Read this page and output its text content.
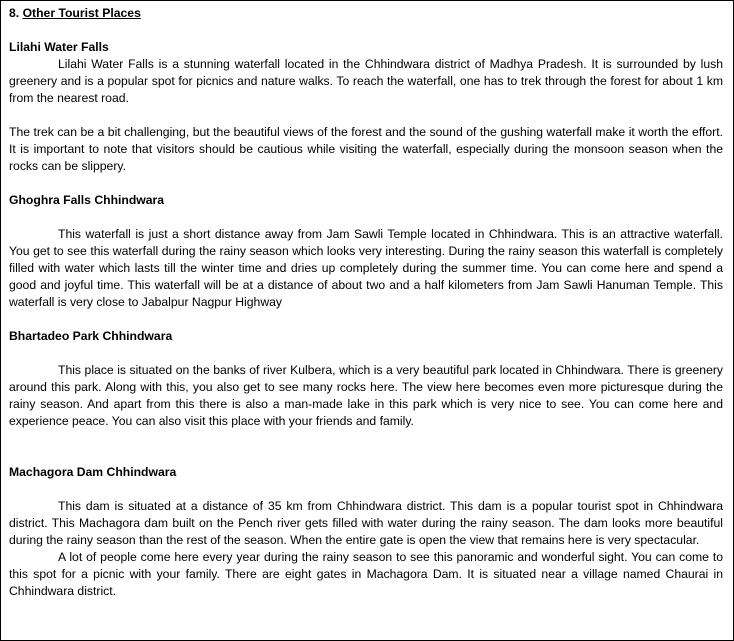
8. Other Tourist Places
Lilahi Water Falls

Lilahi Water Falls is a stunning waterfall located in the Chhindwara district of Madhya Pradesh. It is surrounded by lush greenery and is a popular spot for picnics and nature walks. To reach the waterfall, one has to trek through the forest for about 1 km from the nearest road.

The trek can be a bit challenging, but the beautiful views of the forest and the sound of the gushing waterfall make it worth the effort. It is important to note that visitors should be cautious while visiting the waterfall, especially during the monsoon season when the rocks can be slippery.

Ghoghra Falls Chhindwara

This waterfall is just a short distance away from Jam Sawli Temple located in Chhindwara. This is an attractive waterfall. You get to see this waterfall during the rainy season which looks very interesting. During the rainy season this waterfall is completely filled with water which lasts till the winter time and dries up completely during the summer time. You can come here and spend a good and joyful time. This waterfall will be at a distance of about two and a half kilometers from Jam Sawli Hanuman Temple. This waterfall is very close to Jabalpur Nagpur Highway

Bhartadeo Park Chhindwara

This place is situated on the banks of river Kulbera, which is a very beautiful park located in Chhindwara. There is greenery around this park. Along with this, you also get to see many rocks here. The view here becomes even more picturesque during the rainy season. And apart from this there is also a man-made lake in this park which is very nice to see. You can come here and experience peace. You can also visit this place with your friends and family.

Machagora Dam Chhindwara

This dam is situated at a distance of 35 km from Chhindwara district. This dam is a popular tourist spot in Chhindwara district. This Machagora dam built on the Pench river gets filled with water during the rainy season. The dam looks more beautiful during the rainy season than the rest of the season. When the entire gate is open the view that remains here is very spectacular.

A lot of people come here every year during the rainy season to see this panoramic and wonderful sight. You can come to this spot for a picnic with your family. There are eight gates in Machagora Dam. It is situated near a village named Chaurai in Chhindwara district.
